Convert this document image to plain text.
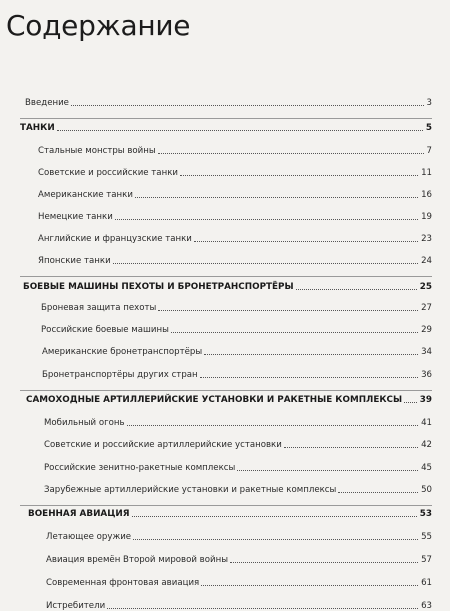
Содержание
Введение	3
ТАНКИ	5
Стальные монстры войны	7
Советские и российские танки	11
Американские танки	16
Немецкие танки	19
Английские и французские танки	23
Японские танки	24
БОЕВЫЕ МАШИНЫ ПЕХОТЫ И БРОНЕТРАНСПОРТЁРЫ	25
Броневая защита пехоты	27
Российские боевые машины	29
Американские бронетранспортёры	34
Бронетранспортёры других стран	36
САМОХОДНЫЕ АРТИЛЛЕРИЙСКИЕ УСТАНОВКИ И РАКЕТНЫЕ КОМПЛЕКСЫ	39
Мобильный огонь	41
Советские и российские артиллерийские установки	42
Российские зенитно-ракетные комплексы	45
Зарубежные артиллерийские установки и ракетные комплексы	50
ВОЕННАЯ АВИАЦИЯ	53
Летающее оружие	55
Авиация времён Второй мировой войны	57
Современная фронтовая авиация	61
Истребители	63
